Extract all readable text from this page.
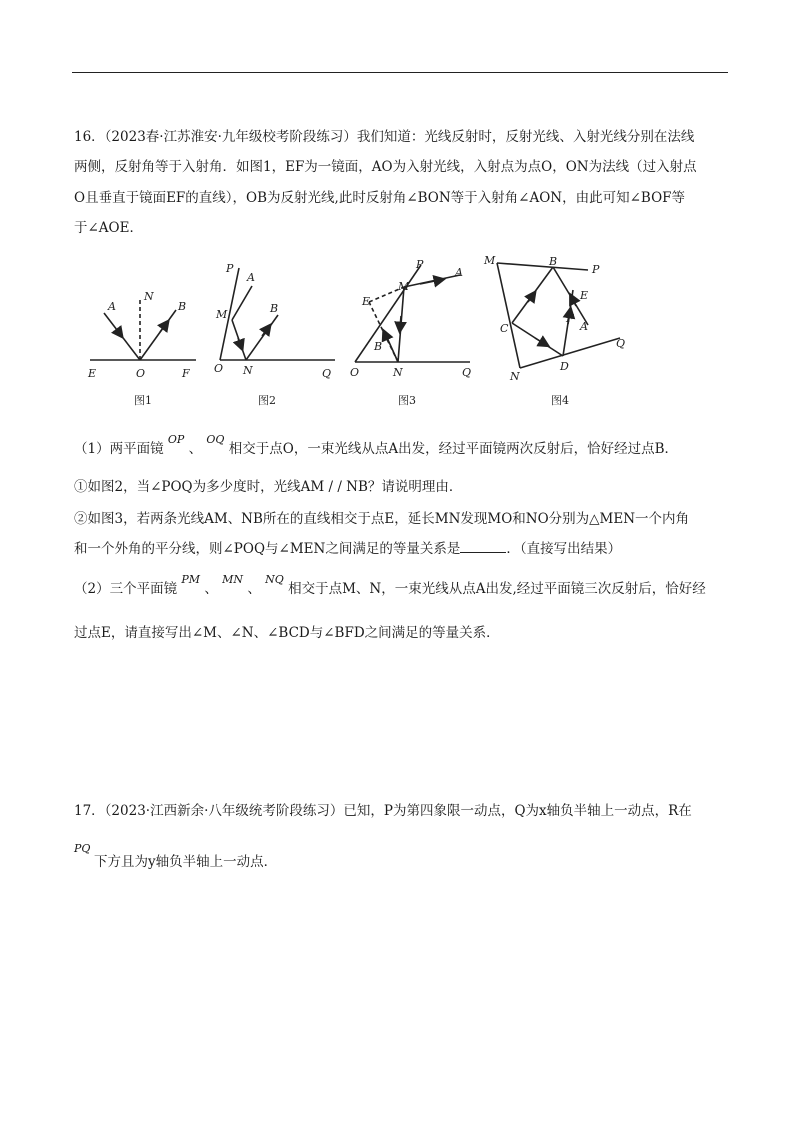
16．（2023春·江苏淮安·九年级校考阶段练习）我们知道：光线反射时，反射光线、入射光线分别在法线
两侧，反射角等于入射角．如图1，EF为一镜面，AO为入射光线，入射点为点O，ON为法线（过入射点
O且垂直于镜面EF的直线），OB为反射光线,此时反射角∠BON等于入射角∠AON，由此可知∠BOF等
于∠AOE．
A
N
B
E	O	F
图1
P
A
M	B
O N	Q
图2
P
A
M
E
B
O	N	Q
图3
M	B
P
E
F
A
C
D
Q
N
图4
（1）两平面镜 $^{OP}$ 、 $^{OQ}$ 相交于点O，一束光线从点A出发，经过平面镜两次反射后，恰好经过点B．
①如图2，当∠POQ为多少度时，光线AM / / NB？请说明理由．
②如图3，若两条光线AM、NB所在的直线相交于点E，延长MN发现MO和NO分别为△MEN一个内角
和一个外角的平分线，则∠POQ与∠MEN之间满足的等量关系是	．（直接写出结果）
（2）三个平面镜 $^{PM}$ 、 $^{MN}$ 、 $^{NQ}$ 相交于点M、N，一束光线从点A出发,经过平面镜三次反射后，恰好经
过点E，请直接写出∠M、∠N、∠BCD与∠BFD之间满足的等量关系．
17．（2023·江西新余·八年级统考阶段练习）已知，P为第四象限一动点，Q为x轴负半轴上一动点，R在
PQ
下方且为y轴负半轴上一动点．
